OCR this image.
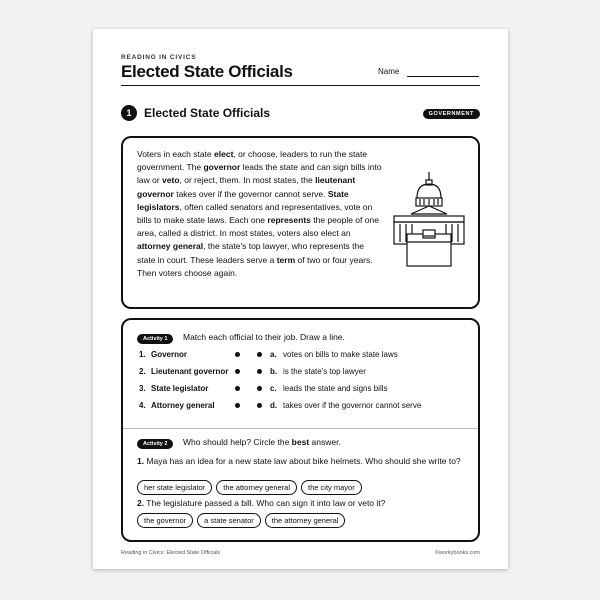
READING IN CIVICS
Elected State Officials	Name
1	Elected State Officials	GOVERNMENT
Voters in each state elect, or choose, leaders to run the state government. The governor leads the state and can sign bills into law or veto, or reject, them. In most states, the lieutenant governor takes over if the governor cannot serve. State legislators, often called senators and representatives, vote on bills to make state laws. Each one represents the people of one area, called a district. In most states, voters also elect an attorney general, the state's top lawyer, who represents the state in court. These leaders serve a term of two or four years. Then voters choose again.
Activity 1	Match each official to their job. Draw a line.
1. Governor	a. votes on bills to make state laws
2. Lieutenant governor	b. is the state's top lawyer
3. State legislator	c. leads the state and signs bills
4. Attorney general	d. takes over if the governor cannot serve
Activity 2	Who should help? Circle the best answer.
1. Maya has an idea for a new state law about bike helmets. Who should she write to?
her state legislator	the attorney general	the city mayor
2. The legislature passed a bill. Who can sign it into law or veto it?
the governor	a state senator	the attorney general
Reading in Civics: Elected State Officials	©workybooks.com
